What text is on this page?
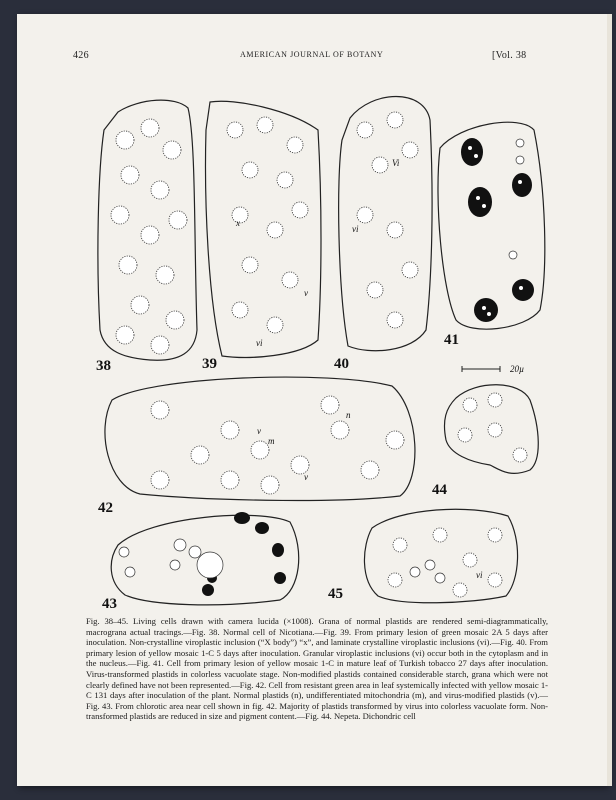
426	AMERICAN JOURNAL OF BOTANY	[Vol. 38
20µ
38	39	40
41
42
43
44
45
Vi
vi
v
vi
x
n
m
v
v
vi
Fig. 38–45. Living cells drawn with camera lucida (×1008). Grana of normal plastids are rendered semi-diagrammatically, macrograna actual tracings.—Fig. 38. Normal cell of Nicotiana.—Fig. 39. From primary lesion of green mosaic 2A 5 days after inoculation. Non-crystalline viroplastic inclusion (“X body”) “x”, and laminate crystalline viroplastic inclusions (vi).—Fig. 40. From primary lesion of yellow mosaic 1-C 5 days after inoculation. Granular viroplastic inclusions (vi) occur both in the cytoplasm and in the nucleus.—Fig. 41. Cell from primary lesion of yellow mosaic 1-C in mature leaf of Turkish tobacco 27 days after inoculation. Virus-transformed plastids in colorless vacuolate stage. Non-modified plastids contained considerable starch, grana which were not clearly defined have not been represented.—Fig. 42. Cell from resistant green area in leaf systemically infected with yellow mosaic 1-C 131 days after inoculation of the plant. Normal plastids (n), undifferentiated mitochondria (m), and virus-modified plastids (v).—Fig. 43. From chlorotic area near cell shown in fig. 42. Majority of plastids transformed by virus into colorless vacuolate form. Non-transformed plastids are reduced in size and pigment content.—Fig. 44. Nepeta. Dichondric cell
